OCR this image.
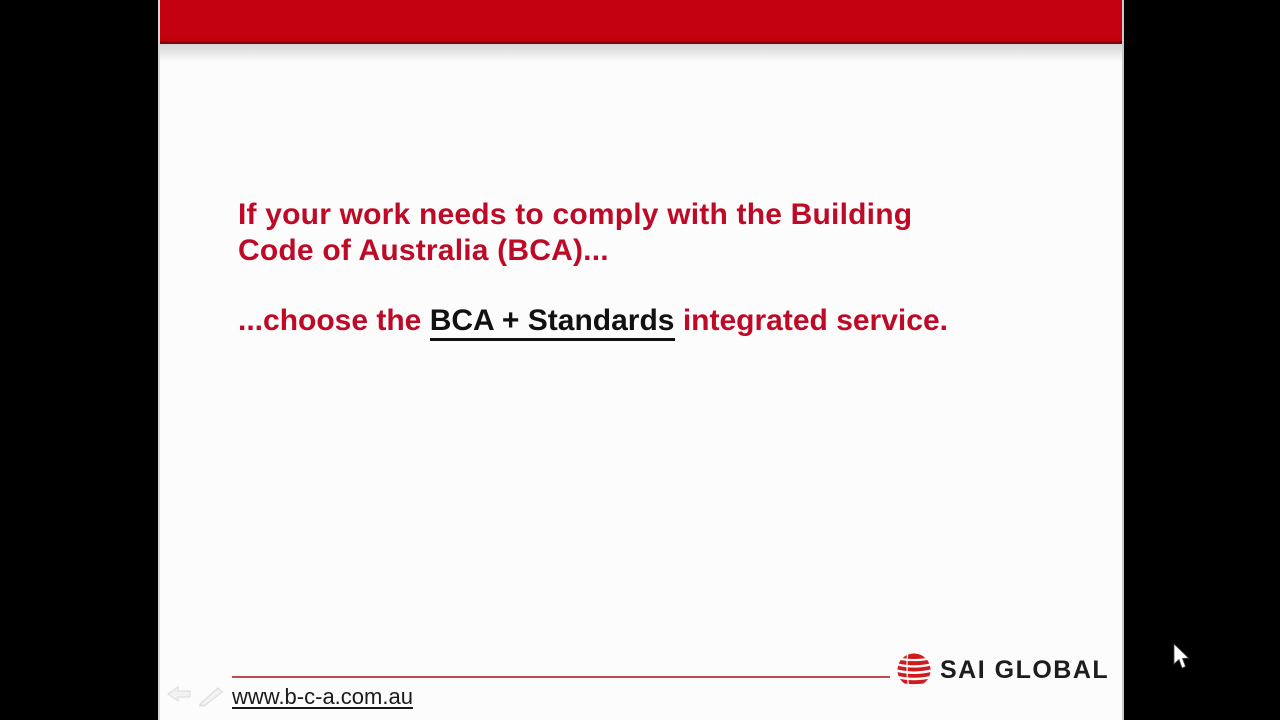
If your work needs to comply with the Building
Code of Australia (BCA)...

...choose the BCA + Standards integrated service.

www.b-c-a.com.au
SAI GLOBAL
